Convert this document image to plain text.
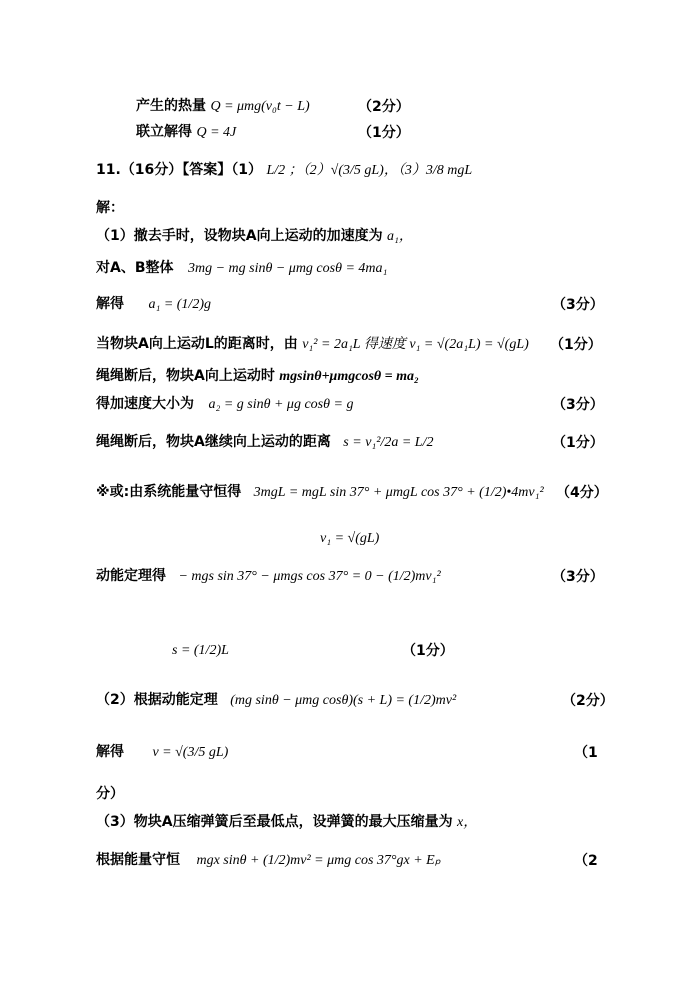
产生的热量 Q = μmg(v₀t − L)	（2分）
联立解得 Q = 4J	（1分）
11.（16分）【答案】（1） L/2 ；（2）√(3/5 gL)，（3）3/8 mgL
解：
（1）撤去手时，设物块A向上运动的加速度为 a₁，
对A、B整体 3mg − mg sinθ − μmg cosθ = 4ma₁
解得 a₁ = (1/2)g	（3分）
当物块A向上运动L的距离时，由 v₁² = 2a₁L 得速度 v₁ = √(2a₁L) = √(gL) （1分）
绳绳断后，物块A向上运动时 mgsinθ+μmgcosθ = ma₂
得加速度大小为 a₂ = g sinθ + μg cosθ = g	（3分）
绳绳断后，物块A继续向上运动的距离 s = v₁²/2a = L/2	（1分）
※或:由系统能量守恒得 3mgL = mgL sin 37° + μmgL cos 37° + (1/2)•4mv₁² （4分）
v₁ = √(gL)
动能定理得 − mgs sin 37° − μmgs cos 37° = 0 − (1/2)mv₁²	（3分）
s = (1/2)L	（1分）
（2）根据动能定理 (mg sinθ − μmg cosθ)(s + L) = (1/2)mv²	（2分）
解得 v = √(3/5 gL)	（1
分）
（3）物块A压缩弹簧后至最低点，设弹簧的最大压缩量为 x，
根据能量守恒 mgx sinθ + (1/2)mv² = μmg cos 37°gx + Eₚ	（2
